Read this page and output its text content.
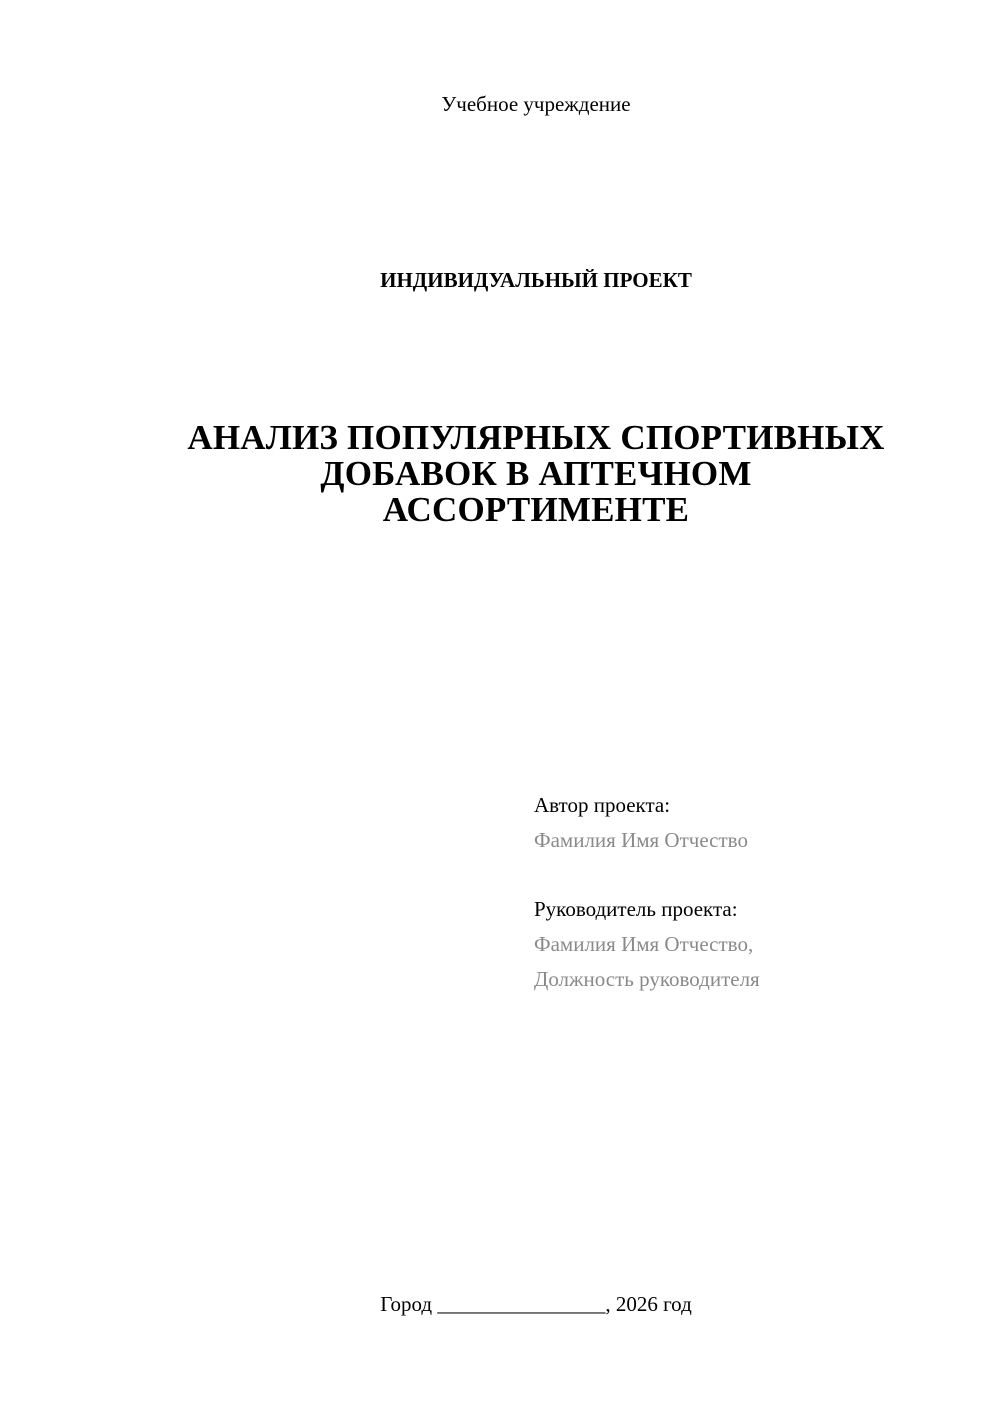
Учебное учреждение
ИНДИВИДУАЛЬНЫЙ ПРОЕКТ
АНАЛИЗ ПОПУЛЯРНЫХ СПОРТИВНЫХ
ДОБАВОК В АПТЕЧНОМ
АССОРТИМЕНТЕ
Автор проекта:
Фамилия Имя Отчество
Руководитель проекта:
Фамилия Имя Отчество,
Должность руководителя
Город ________________, 2026 год
